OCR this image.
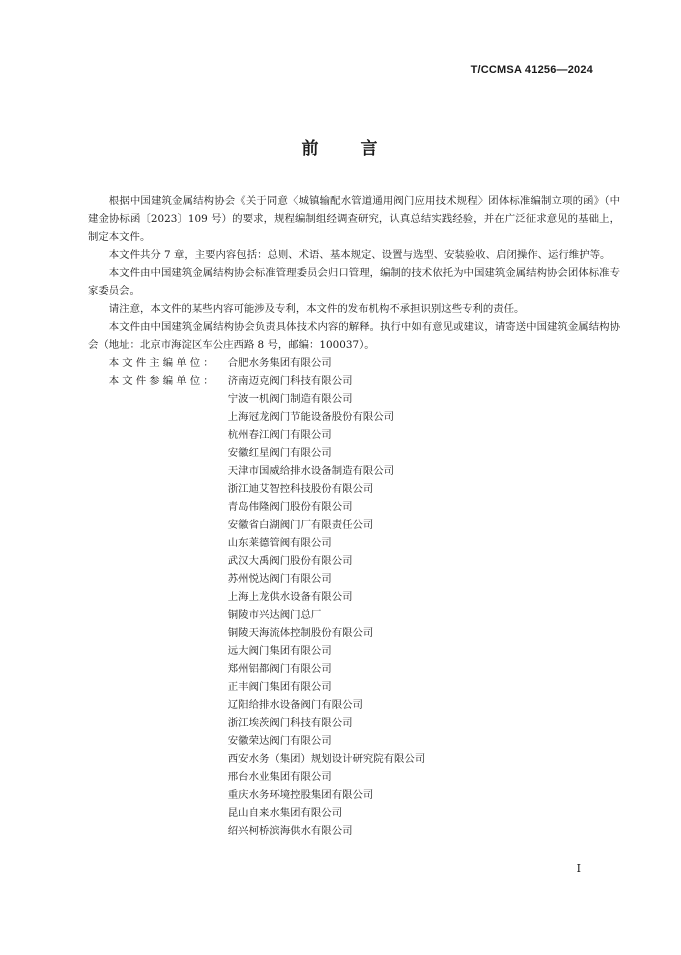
T/CCMSA 41256—2024
前 言

根据中国建筑金属结构协会《关于同意〈城镇输配水管道通用阀门应用技术规程〉团体标准编制立项的函》（中建金协标函〔2023〕109 号）的要求，规程编制组经调查研究，认真总结实践经验，并在广泛征求意见的基础上，制定本文件。

本文件共分 7 章，主要内容包括：总则、术语、基本规定、设置与选型、安装验收、启闭操作、运行维护等。

本文件由中国建筑金属结构协会标准管理委员会归口管理，编制的技术依托为中国建筑金属结构协会团体标准专家委员会。

请注意，本文件的某些内容可能涉及专利，本文件的发布机构不承担识别这些专利的责任。

本文件由中国建筑金属结构协会负责具体技术内容的解释。执行中如有意见或建议，请寄送中国建筑金属结构协会（地址：北京市海淀区车公庄西路 8 号，邮编：100037）。

本文件主编单位：	合肥水务集团有限公司
本文件参编单位：	济南迈克阀门科技有限公司
宁波一机阀门制造有限公司
上海冠龙阀门节能设备股份有限公司
杭州春江阀门有限公司
安徽红星阀门有限公司
天津市国威给排水设备制造有限公司
浙江迪艾智控科技股份有限公司
青岛伟隆阀门股份有限公司
安徽省白湖阀门厂有限责任公司
山东莱德管阀有限公司
武汉大禹阀门股份有限公司
苏州悦达阀门有限公司
上海上龙供水设备有限公司
铜陵市兴达阀门总厂
铜陵天海流体控制股份有限公司
远大阀门集团有限公司
郑州铝都阀门有限公司
正丰阀门集团有限公司
辽阳给排水设备阀门有限公司
浙江埃茨阀门科技有限公司
安徽荣达阀门有限公司
西安水务（集团）规划设计研究院有限公司
邢台水业集团有限公司
重庆水务环境控股集团有限公司
昆山自来水集团有限公司
绍兴柯桥滨海供水有限公司
I
